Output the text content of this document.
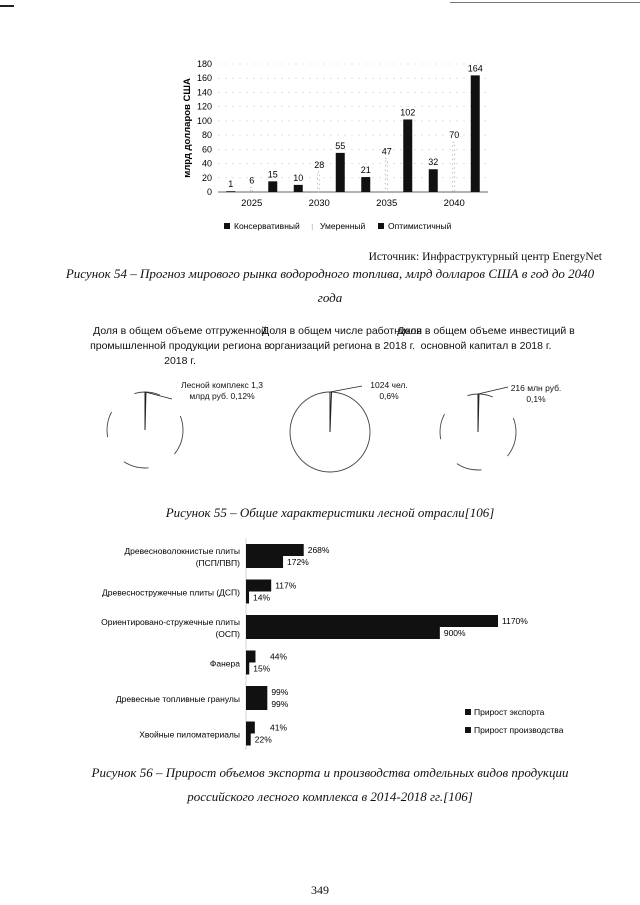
0
20
40
60
80
100
120
140
160
180
млрд долларов США
1 6
15
2025
10
28
55
2030
21
47
102
2035
32
70
164
2040
Консервативный ⁝ Умеренный	Оптимистичный
Источник: Инфраструктурный центр EnergyNet
Рисунок 54 – Прогноз мирового рынка водородного топлива, млрд долларов США в год до 2040 года
Доля в общем объеме отгруженной промышленной продукции региона в 2018 г.
Доля в общем числе работников организаций региона в 2018 г.
Доля в общем объеме инвестиций в основной капитал в 2018 г.
Лесной комплекс 1,3 млрд руб. 0,12%
1024 чел. 0,6%
216 млн руб. 0,1%
Рисунок 55 – Общие характеристики лесной отрасли[106]
Древесноволокнистые плиты
(ПСП/ПВП)
268%
172%
Древесностружечные плиты (ДСП)
117%
14%
Ориентировано-стружечные плиты
(ОСП)
1170%
900%
Фанера
44%
15%
Древесные топливные гранулы
99%
99%
Хвойные пиломатериалы
41%
22%
Прирост экспорта
Прирост производства
Рисунок 56 – Прирост объемов экспорта и производства отдельных видов продукции российского лесного комплекса в 2014-2018 гг.[106]
349
